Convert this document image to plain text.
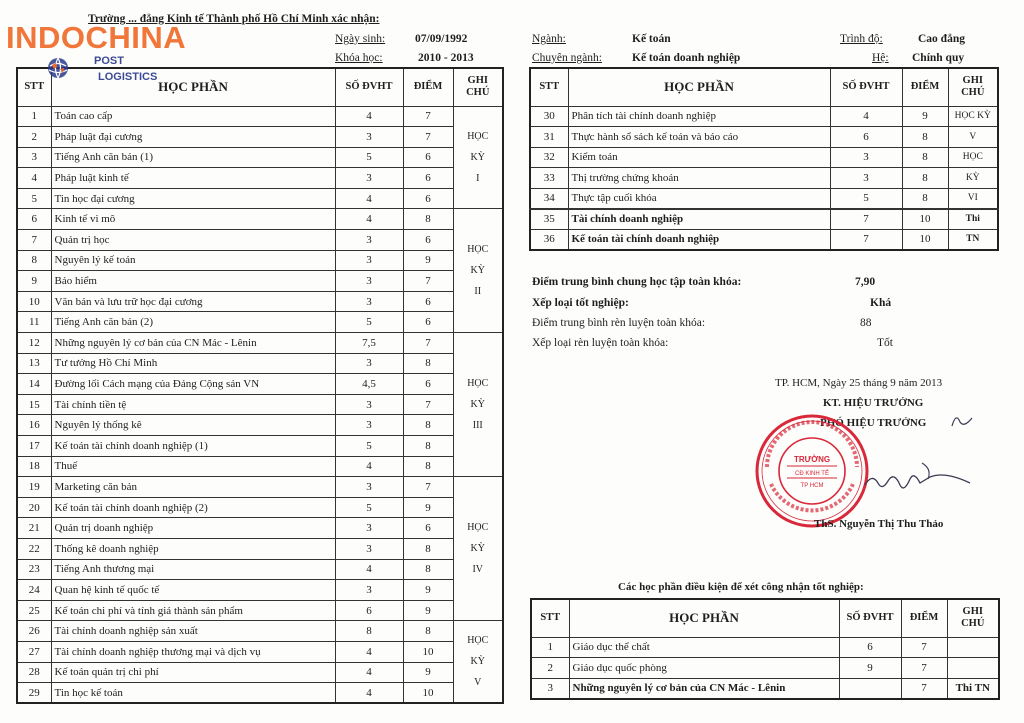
INDOCHINA
POST
LOGISTICS
Trường ... đẳng Kinh tế Thành phố Hồ Chí Minh xác nhận:
Ngày sinh:	07/09/1992
Khóa học:	2010 - 2013
Ngành:	Kế toán
Chuyên ngành:	Kế toán doanh nghiệp
Trình độ:	Cao đẳng
Hệ: Chính quy
STT	HỌC PHẦN	SỐ ĐVHT	ĐIỂM	GHI CHÚ
1	Toán cao cấp	4	7	HỌC
KỲ
I

2	Pháp luật đại cương	3	7	
3	Tiếng Anh căn bản (1)	5	6	
4	Pháp luật kinh tế	3	6	
5	Tin học đại cương	4	6	
6	Kinh tế vi mô	4	8	HỌC
KỲ
II

7	Quản trị học	3	6	
8	Nguyên lý kế toán	3	9	
9	Bảo hiểm	3	7	
10	Văn bản và lưu trữ học đại cương	3	6	
11	Tiếng Anh căn bản (2)	5	6	
12	Những nguyên lý cơ bản của CN Mác - Lênin	7,5	7	HỌC
KỲ
III

13	Tư tưởng Hồ Chí Minh	3	8	
14	Đường lối Cách mạng của Đảng Cộng sản VN	4,5	6	
15	Tài chính tiền tệ	3	7	
16	Nguyên lý thống kê	3	8	
17	Kế toán tài chính doanh nghiệp (1)	5	8	
18	Thuế	4	8	
19	Marketing căn bản	3	7	HỌC
KỲ
IV

20	Kế toán tài chính doanh nghiệp (2)	5	9	
21	Quản trị doanh nghiệp	3	6	
22	Thống kê doanh nghiệp	3	8	
23	Tiếng Anh thương mại	4	8	
24	Quan hệ kinh tế quốc tế	3	9	
25	Kế toán chi phí và tính giá thành sản phẩm	6	9	
26	Tài chính doanh nghiệp sản xuất	8	8	HỌC
KỲ
V

27	Tài chính doanh nghiệp thương mại và dịch vụ	4	10	
28	Kế toán quản trị chi phí	4	9	
29	Tin học kế toán	4	10	
STT	HỌC PHẦN	SỐ ĐVHT	ĐIỂM	GHI CHÚ
30	Phân tích tài chính doanh nghiệp	4	9	HỌC KỲ
31	Thực hành sổ sách kế toán và báo cáo	6	8	V
32	Kiểm toán	3	8	HỌC
33	Thị trường chứng khoán	3	8	KỲ
34	Thực tập cuối khóa	5	8	VI
35	Tài chính doanh nghiệp	7	10	Thi
36	Kế toán tài chính doanh nghiệp	7	10	TN
Điểm trung bình chung học tập toàn khóa:	7,90
Xếp loại tốt nghiệp:	Khá
Điểm trung bình rèn luyện toàn khóa:	88
Xếp loại rèn luyện toàn khóa:	Tốt
TP. HCM, Ngày 25 tháng 9 năm 2013
KT. HIỆU TRƯỞNG
PHÓ HIỆU TRƯỞNG
TRƯỜNG
CĐ KINH TẾ
TP HCM
ThS. Nguyễn Thị Thu Thảo
Các học phần điều kiện để xét công nhận tốt nghiệp:
STT	HỌC PHẦN	SỐ ĐVHT	ĐIỂM	GHI CHÚ
1	Giáo dục thể chất	6	7	
2	Giáo dục quốc phòng	9	7	
3	Những nguyên lý cơ bản của CN Mác - Lênin		7	Thi TN
